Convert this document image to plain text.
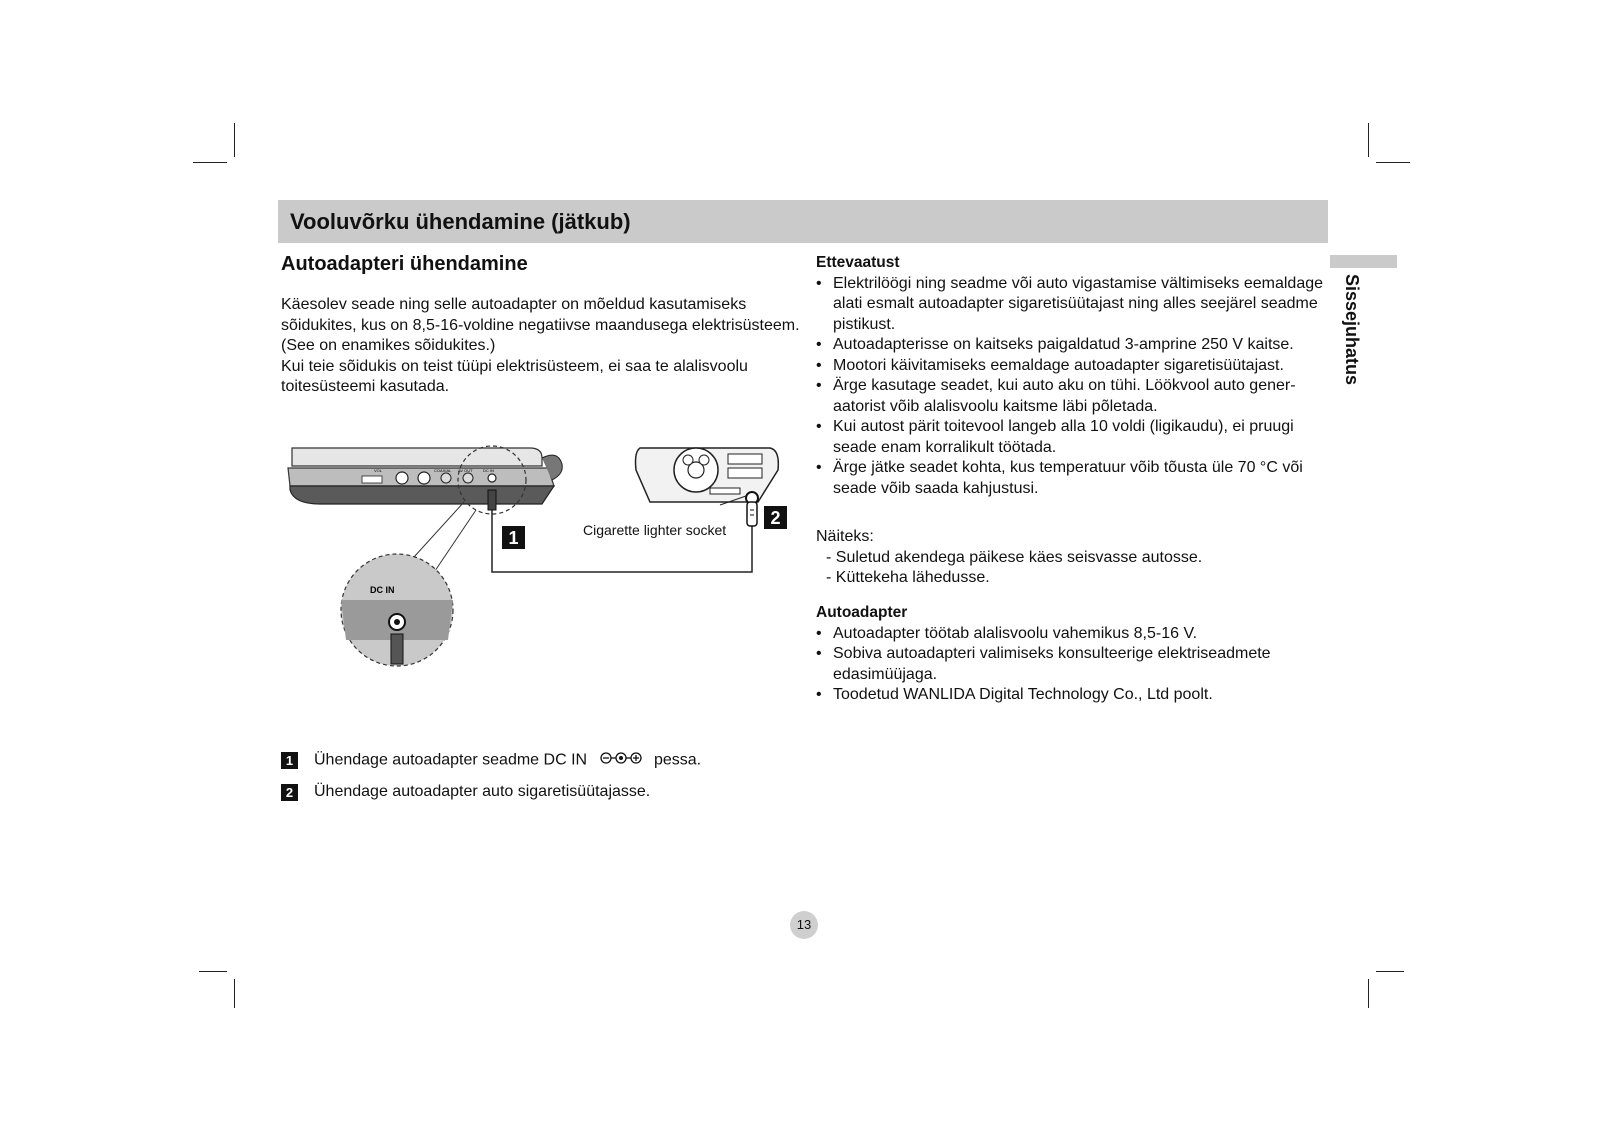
Vooluvõrku ühendamine (jätkub)
Sissejuhatus
Autoadapteri ühendamine

Käesolev seade ning selle autoadapter on mõeldud kasutamiseks sõidukites, kus on 8,5-16-voldine negatiivse maandusega elektrisüsteem. (See on enamikes sõidukites.)

Kui teie sõidukis on teist tüüpi elektrisüsteem, ei saa te alalisvoolu toitesüsteemi kasutada.

VOL	COAXIAL AV OUT	DC IN
DC IN
1
2
Cigarette lighter socket
1	Ühendage autoadapter seadme DC IN	pessa.
2	Ühendage autoadapter auto sigaretisüütajasse.
Ettevaatust
• Elektrilöögi ning seadme või auto vigastamise vältimiseks eemaldage alati esmalt autoadapter sigaretisüütajast ning alles seejärel seadme pistikust.
• Autoadapterisse on kaitseks paigaldatud 3-amprine 250 V kaitse.
• Mootori käivitamiseks eemaldage autoadapter sigaretisüütajast.
• Ärge kasutage seadet, kui auto aku on tühi. Löökvool auto gener-aatorist võib alalisvoolu kaitsme läbi põletada.
• Kui autost pärit toitevool langeb alla 10 voldi (ligikaudu), ei pruugi seade enam korralikult töötada.
• Ärge jätke seadet kohta, kus temperatuur võib tõusta üle 70 °C või seade võib saada kahjustusi.

Näiteks:

- Suletud akendega päikese käes seisvasse autosse.

- Küttekeha lähedusse.

Autoadapter
• Autoadapter töötab alalisvoolu vahemikus 8,5-16 V.
• Sobiva autoadapteri valimiseks konsulteerige elektriseadmete edasimüüjaga.
• Toodetud WANLIDA Digital Technology Co., Ltd poolt.
13
